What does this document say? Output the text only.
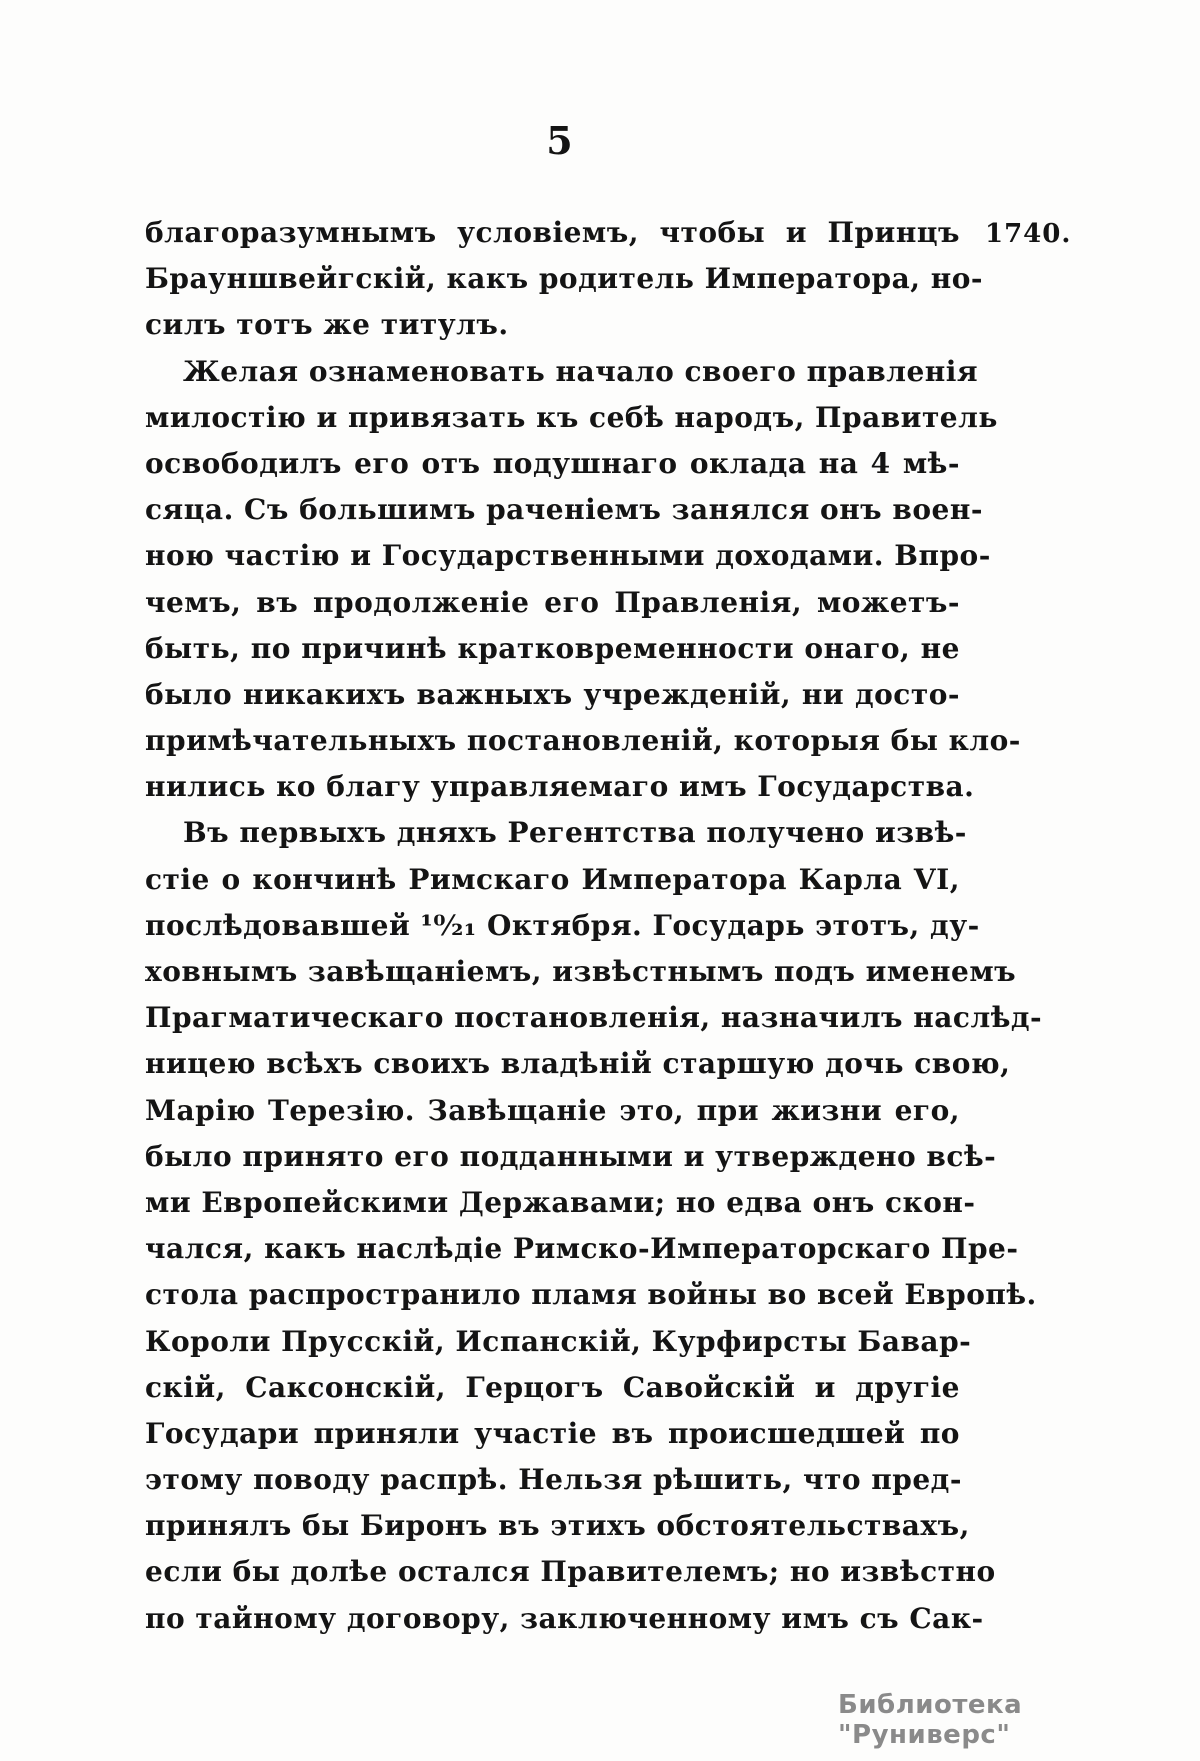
5
1740.
благоразумнымъ условіемъ, чтобы и Принцъ
Брауншвейгскій, какъ родитель Императора, но-
силъ тотъ же титулъ.
Желая ознаменовать начало своего правленія
милостію и привязать къ себѣ народъ, Правитель
освободилъ его отъ подушнаго оклада на 4 мѣ-
сяца. Съ большимъ раченіемъ занялся онъ воен-
ною частію и Государственными доходами. Впро-
чемъ, въ продолженіе его Правленія, можетъ-
быть, по причинѣ кратковременности онаго, не
было никакихъ важныхъ учрежденій, ни досто-
примѣчательныхъ постановленій, которыя бы кло-
нились ко благу управляемаго имъ Государства.
Въ первыхъ дняхъ Регентства получено извѣ-
стіе о кончинѣ Римскаго Императора Карла VI,
послѣдовавшей ¹⁰⁄₂₁ Октября. Государь этотъ, ду-
ховнымъ завѣщаніемъ, извѣстнымъ подъ именемъ
Прагматическаго постановленія, назначилъ наслѣд-
ницею всѣхъ своихъ владѣній старшую дочь свою,
Марію Терезію. Завѣщаніе это, при жизни его,
было принято его подданными и утверждено всѣ-
ми Европейскими Державами; но едва онъ скон-
чался, какъ наслѣдіе Римско-Императорскаго Пре-
стола распространило пламя войны во всей Европѣ.
Короли Прусскій, Испанскій, Курфирсты Бавар-
скій, Саксонскій, Герцогъ Савойскій и другіе
Государи приняли участіе въ происшедшей по
этому поводу распрѣ. Нельзя рѣшить, что пред-
принялъ бы Биронъ въ этихъ обстоятельствахъ,
если бы долѣе остался Правителемъ; но извѣстно
по тайному договору, заключенному имъ съ Сак-
Библиотека "Руниверс"
